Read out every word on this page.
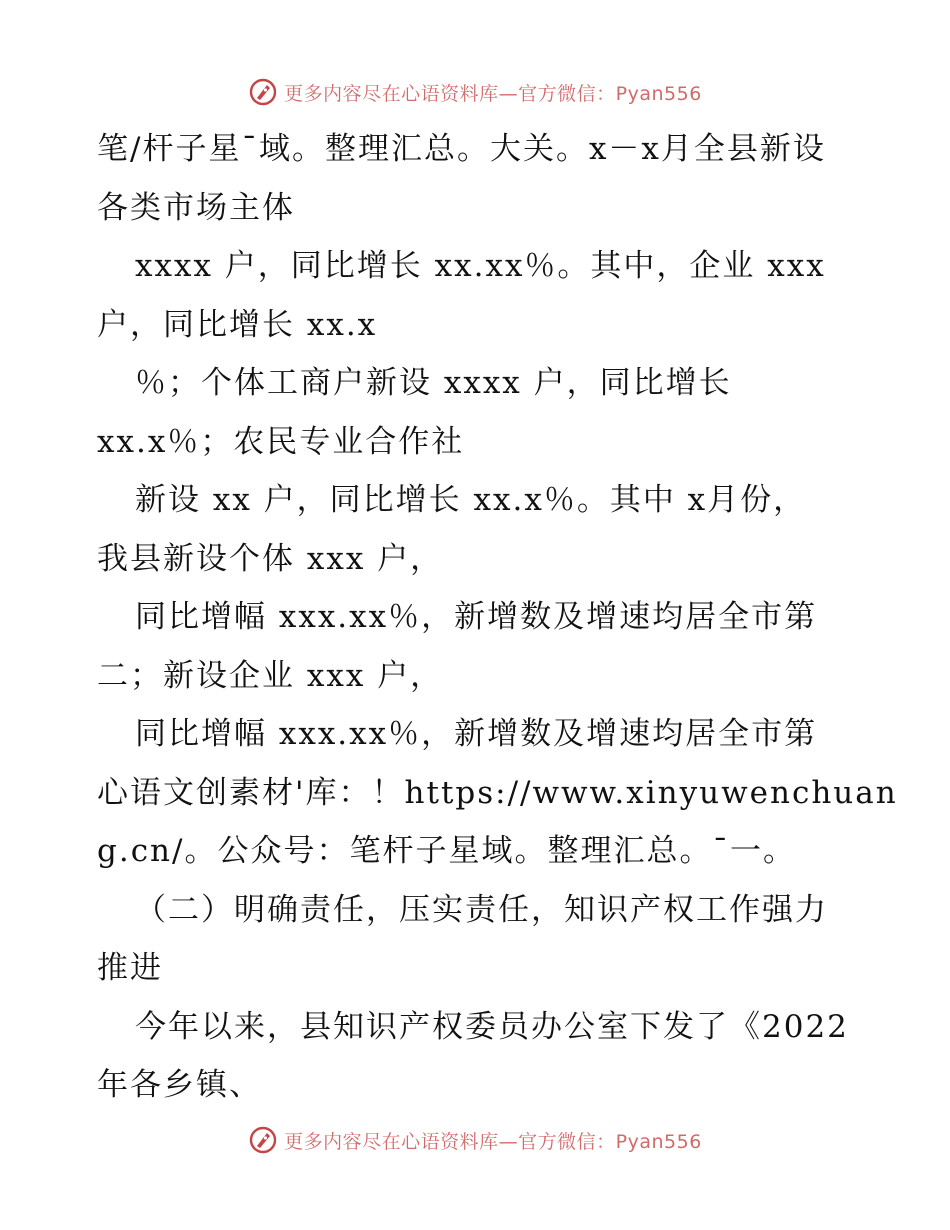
更多内容尽在心语资料库—官方微信：Pyan556
笔/杆子星¯域。整理汇总。大关。x－x月全县新设
各类市场主体
xxxx 户，同比增长 xx.xx％。其中，企业 xxx
户，同比增长 xx.x
％；个体工商户新设 xxxx 户，同比增长
xx.x％；农民专业合作社
新设 xx 户，同比增长 xx.x％。其中 x月份，
我县新设个体 xxx 户，
同比增幅 xxx.xx％，新增数及增速均居全市第
二；新设企业 xxx 户，
同比增幅 xxx.xx％，新增数及增速均居全市第
心语文创素材'库：！https://www.xinyuwenchuan
g.cn/。公众号：笔杆子星域。整理汇总。¯一。
（二）明确责任，压实责任，知识产权工作强力
推进
今年以来，县知识产权委员办公室下发了《2022
年各乡镇、
更多内容尽在心语资料库—官方微信：Pyan556
